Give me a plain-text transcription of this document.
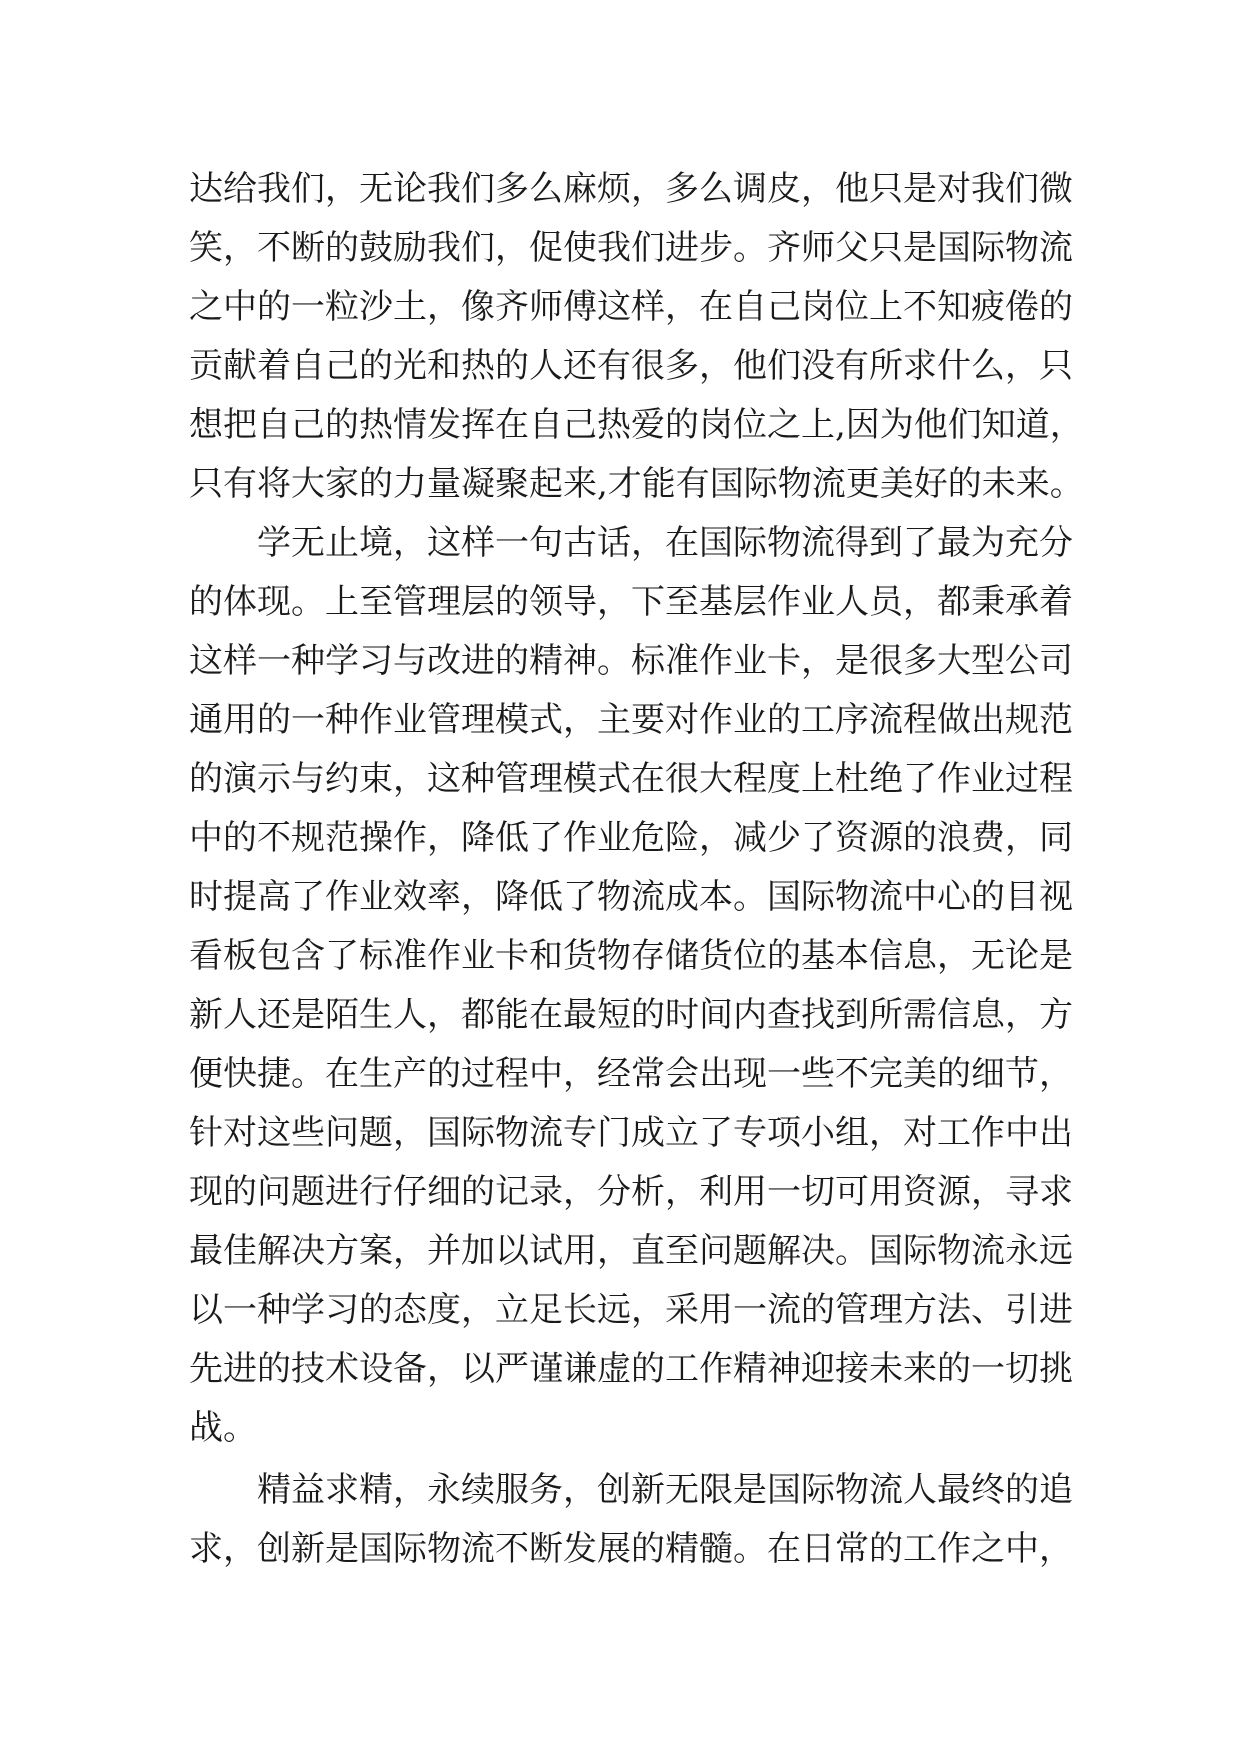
达给我们，无论我们多么麻烦，多么调皮，他只是对我们微
笑，不断的鼓励我们，促使我们进步。齐师父只是国际物流
之中的一粒沙土，像齐师傅这样，在自己岗位上不知疲倦的
贡献着自己的光和热的人还有很多，他们没有所求什么，只
想把自己的热情发挥在自己热爱的岗位之上,因为他们知道，
只有将大家的力量凝聚起来,才能有国际物流更美好的未来。
学无止境，这样一句古话，在国际物流得到了最为充分
的体现。上至管理层的领导，下至基层作业人员，都秉承着
这样一种学习与改进的精神。标准作业卡，是很多大型公司
通用的一种作业管理模式，主要对作业的工序流程做出规范
的演示与约束，这种管理模式在很大程度上杜绝了作业过程
中的不规范操作，降低了作业危险，减少了资源的浪费，同
时提高了作业效率，降低了物流成本。国际物流中心的目视
看板包含了标准作业卡和货物存储货位的基本信息，无论是
新人还是陌生人，都能在最短的时间内查找到所需信息，方
便快捷。在生产的过程中，经常会出现一些不完美的细节，
针对这些问题，国际物流专门成立了专项小组，对工作中出
现的问题进行仔细的记录，分析，利用一切可用资源，寻求
最佳解决方案，并加以试用，直至问题解决。国际物流永远
以一种学习的态度，立足长远，采用一流的管理方法、引进
先进的技术设备，以严谨谦虚的工作精神迎接未来的一切挑
战。
精益求精，永续服务，创新无限是国际物流人最终的追
求，创新是国际物流不断发展的精髓。在日常的工作之中，
